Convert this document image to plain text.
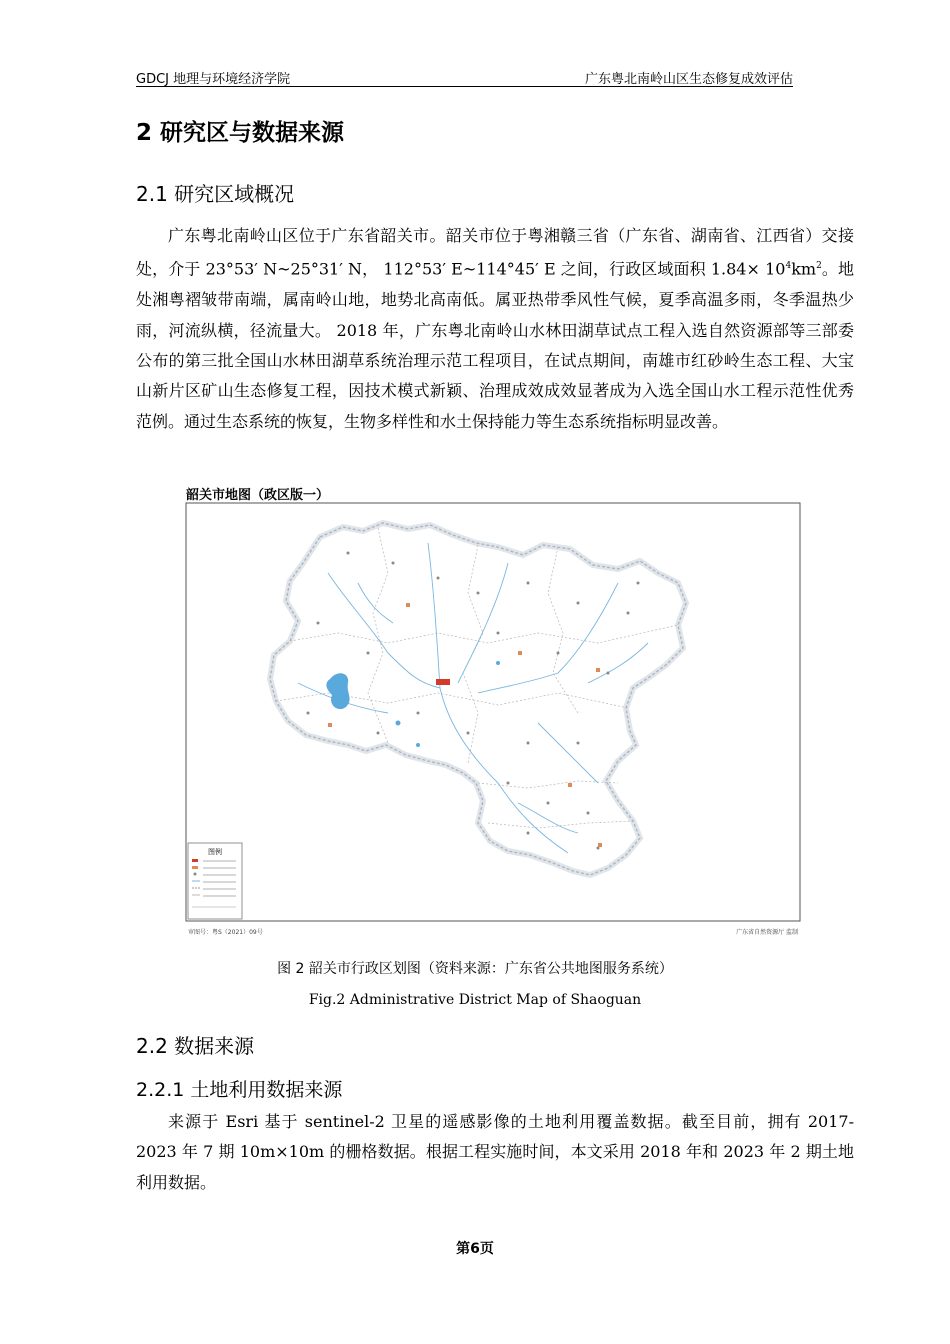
GDCJ 地理与环境经济学院	广东粤北南岭山区生态修复成效评估
2 研究区与数据来源
2.1 研究区域概况

广东粤北南岭山区位于广东省韶关市。韶关市位于粤湘赣三省（广东省、湖南省、江西省）交接处，介于 23°53′ N~25°31′ N， 112°53′ E~114°45′ E 之间，行政区域面积 $1.84\times 10^4km^2$。地处湘粤褶皱带南端，属南岭山地，地势北高南低。属亚热带季风性气候，夏季高温多雨，冬季温热少雨，河流纵横，径流量大。 2018 年，广东粤北南岭山水林田湖草试点工程入选自然资源部等三部委公布的第三批全国山水林田湖草系统治理示范工程项目，在试点期间，南雄市红砂岭生态工程、大宝山新片区矿山生态修复工程，因技术模式新颖、治理成效成效显著成为入选全国山水工程示范性优秀范例。通过生态系统的恢复，生物多样性和水土保持能力等生态系统指标明显改善。

韶关市地图（政区版一）
图例
审图号：粤S（2021）09号	广东省自然资源厅 监制
图 2 韶关市行政区划图（资料来源：广东省公共地图服务系统）
Fig.2 Administrative District Map of Shaoguan
2.2 数据来源
2.2.1 土地利用数据来源

来源于 Esri 基于 sentinel-2 卫星的遥感影像的土地利用覆盖数据。截至目前，拥有 2017-2023 年 7 期 10m×10m 的栅格数据。根据工程实施时间，本文采用 2018 年和 2023 年 2 期土地利用数据。

第6页
